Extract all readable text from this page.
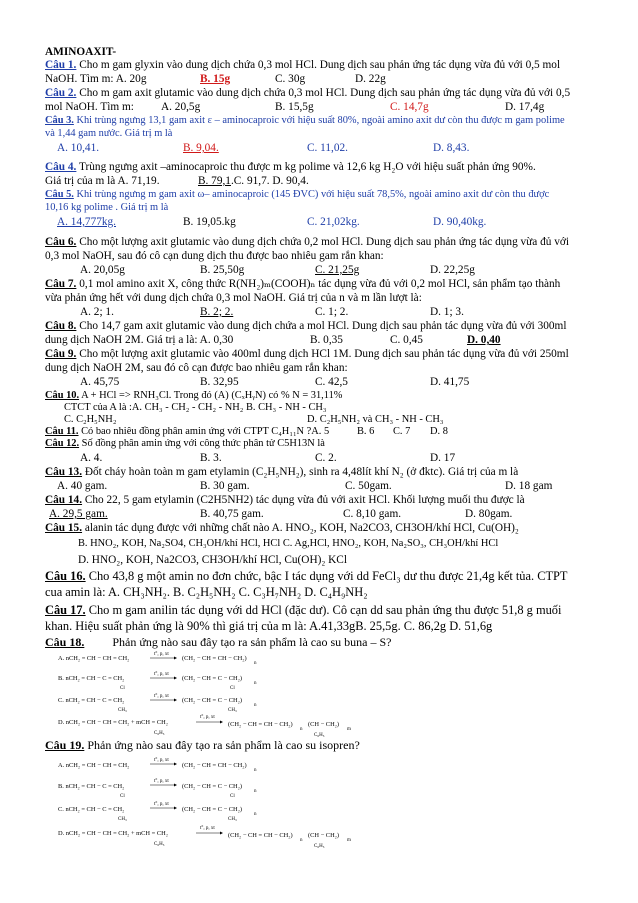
AMINOAXIT-
Câu 1. Cho m gam glyxin vào dung dịch chứa 0,3 mol HCl. Dung dịch sau phản ứng tác dụng vừa đủ với 0,5 mol
NaOH. Tìm m: A. 20g	B. 15g	C. 30g	D. 22g
Câu 2. Cho m gam axit glutamic vào dung dịch chứa 0,3 mol HCl. Dung dịch sau phản ứng tác dụng vừa đủ với 0,5
mol NaOH. Tìm m: A. 20,5g	B. 15,5g	C. 14,7g	D. 17,4g
Câu 3. Khi trùng ngưng 13,1 gam axit ε – aminocaproic với hiệu suất 80%, ngoài amino axit dư còn thu được m gam polime
và 1,44 gam nước. Giá trị m là
A. 10,41.	B. 9,04.	C. 11,02.	D. 8,43.
Câu 4. Trùng ngưng axit –aminocaproic thu được m kg polime và 12,6 kg H₂O với hiệu suất phản ứng 90%.
Giá trị của m là A. 71,19.	B. 79,1.C. 91,7. D. 90,4.
Câu 5. Khi trùng ngưng m gam axit ω– aminocaproic (145 ĐVC) với hiệu suất 78,5%, ngoài amino axit dư còn thu được
10,16 kg polime . Giá trị m là
A. 14,777kg.	B. 19,05.kg	C. 21,02kg.	D. 90,40kg.
Câu 6. Cho một lượng axit glutamic vào dung dịch chứa 0,2 mol HCl. Dung dịch sau phản ứng tác dụng vừa đủ với
0,3 mol NaOH, sau đó cô cạn dung dịch thu được bao nhiêu gam rắn khan:
A. 20,05g	B. 25,50g	C. 21,25g	D. 22,25g
Câu 7. 0,1 mol amino axit X, công thức R(NH₂)ₘ(COOH)ₙ tác dụng vừa đủ với 0,2 mol HCl, sản phẩm tạo thành
vừa phản ứng hết với dung dịch chứa 0,3 mol NaOH. Giá trị của n và m lần lượt là:
A. 2; 1.	B. 2; 2.	C. 1; 2.	D. 1; 3.
Câu 8. Cho 14,7 gam axit glutamic vào dung dịch chứa a mol HCl. Dung dịch sau phản tác dụng vừa đủ với 300ml
dung dịch NaOH 2M. Giá trị a là: A. 0,30	B. 0,35	C. 0,45	D. 0,40
Câu 9. Cho một lượng axit glutamic vào 400ml dung dịch HCl 1M. Dung dịch sau phản tác dụng vừa đủ với 250ml
dung dịch NaOH 2M, sau đó cô cạn được bao nhiêu gam rắn khan:
A. 45,75	B. 32,95	C. 42,5	D. 41,75
Câu 10. A + HCl => RNH₃Cl. Trong đó (A) (CₓHᵧN) có % N = 31,11%
CTCT của A là :A. CH₃ - CH₂ - CH₂ - NH₂ B. CH₃ - NH - CH₃
C. C₂H₅NH₂	D. C₂H₅NH₂ và CH₃ - NH - CH₃
Câu 11. Có bao nhiêu đồng phân amin ứng với CTPT C₄H₁₁N ?A. 5	B. 6 C. 7 D. 8
Câu 12. Số đồng phân amin ứng với công thức phân tử C5H13N là
A. 4.	B. 3.	C. 2.	D. 17
Câu 13. Đốt cháy hoàn toàn m gam etylamin (C₂H₅NH₂), sinh ra 4,48lít khí N₂ (ở đktc). Giá trị của m là
A. 40 gam.	B. 30 gam.	C. 50gam.	D. 18 gam
Câu 14. Cho 22, 5 gam etylamin (C2H5NH2) tác dụng vừa đủ với axit HCl. Khối lượng muối thu được là
A. 29,5 gam.	B. 40,75 gam.	C. 8,10 gam.	D. 80gam.
Câu 15. alanin tác dụng được với những chất nào A. HNO₂, KOH, Na2CO3, CH3OH/khí HCl, Cu(OH)₂
B. HNO₂, KOH, Na₂SO4, CH₃OH/khí HCl, HCl C. Ag,HCl, HNO₂, KOH, Na₂SO₃, CH₃OH/khí HCl
D. HNO₂, KOH, Na2CO3, CH3OH/khí HCl, Cu(OH)₂ KCl
Câu 16. Cho 43,8 g một amin no đơn chức, bậc I tác dụng với dd FeCl₃ dư thu được 21,4g kết tủa. CTPT
cua amin là: A. CH₃NH₂. B. C₂H₅NH₂ C. C₃H₇NH₂ D. C₄H₉NH₂
Câu 17. Cho m gam anilin tác dụng với dd HCl (đặc dư). Cô cạn dd sau phản ứng thu được 51,8 g muối
khan. Hiệu suất phản ứng là 90% thì giá trị của m là: A.41,33gB. 25,5g. C. 86,2g D. 51,6g
Câu 18. Phản ứng nào sau đây tạo ra sản phẩm là cao su buna – S?
A. nCH₂ = CH − CH = CH₂
t°, p, xt
(CH₂ − CH = CH − CH₂)
n
B. nCH₂ = CH − C = CH₂
Cl
t°, p, xt
(CH₂ − CH = C − CH₂)
Cl
n
C. nCH₂ = CH − C = CH₂
CH₃
t°, p, xt
(CH₂ − CH = C − CH₂)
CH₃
n
D. nCH₂ = CH − CH = CH₂ + mCH = CH₂
C₆H₅
t°, p, xt
(CH₂ − CH = CH − CH₂)
n
(CH − CH₂)
C₆H₅
m
Câu 19. Phản ứng nào sau đây tạo ra sản phẩm là cao su isopren?
A. nCH₂ = CH − CH = CH₂
t°, p, xt
(CH₂ − CH = CH − CH₂)
n
B. nCH₂ = CH − C = CH₂
Cl
t°, p, xt
(CH₂ − CH = C − CH₂)
Cl
n
C. nCH₂ = CH − C = CH₂
CH₃
t°, p, xt
(CH₂ − CH = C − CH₂)
CH₃
n
D. nCH₂ = CH − CH = CH₂ + mCH = CH₂
C₆H₅
t°, p, xt
(CH₂ − CH = CH − CH₂)
n
(CH − CH₂)
C₆H₅
m
